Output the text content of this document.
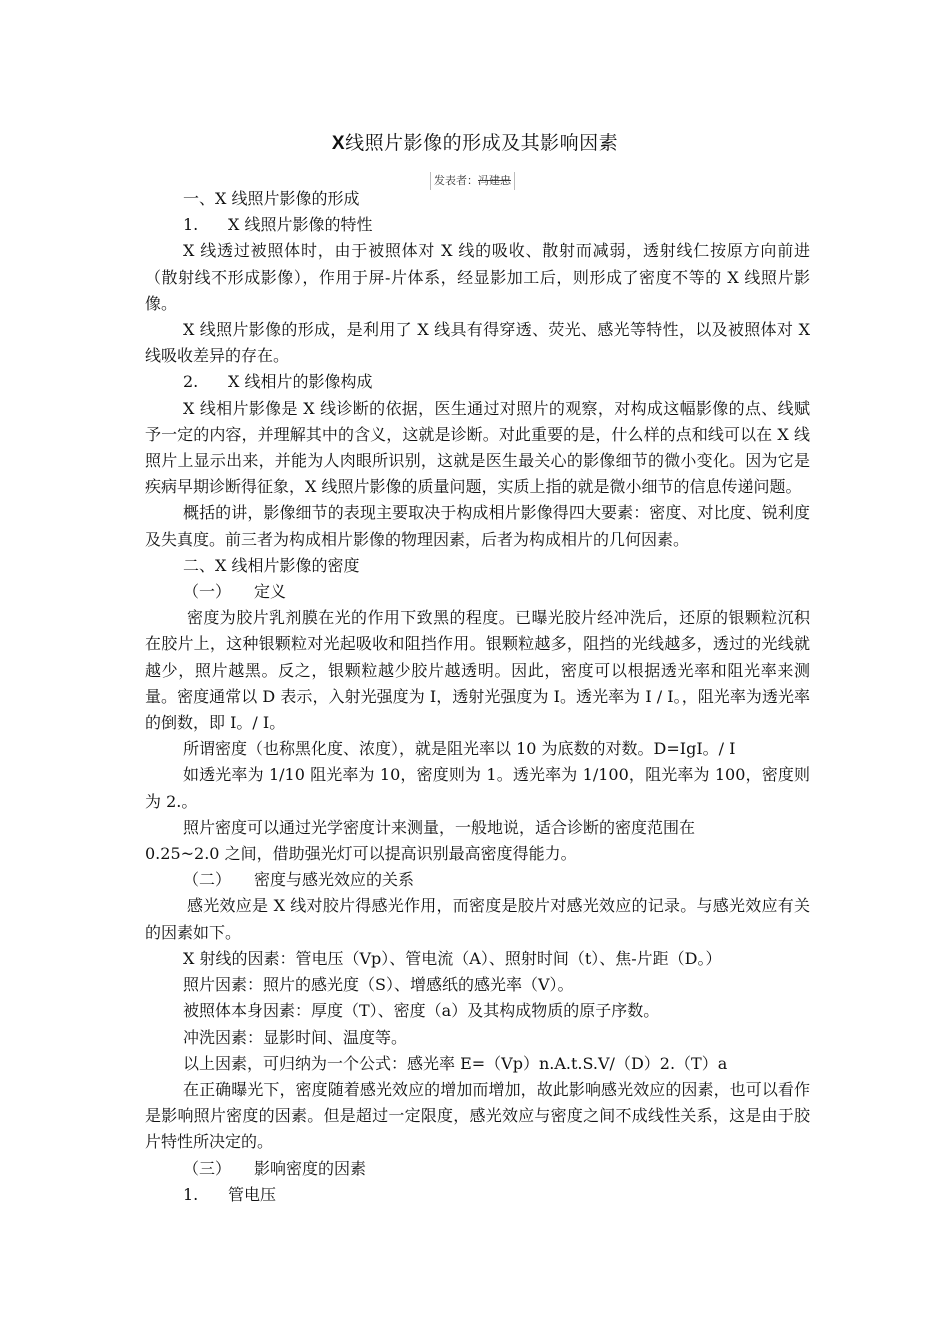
X线照片影像的形成及其影响因素
发表者：冯建忠

一、X 线照片影像的形成

1. X 线照片影像的特性

X 线透过被照体时，由于被照体对 X 线的吸收、散射而减弱，透射线仁按原方向前进（散射线不形成影像），作用于屏-片体系，经显影加工后，则形成了密度不等的 X 线照片影像。

X 线照片影像的形成，是利用了 X 线具有得穿透、荧光、感光等特性，以及被照体对 X 线吸收差异的存在。

2. X 线相片的影像构成

X 线相片影像是 X 线诊断的依据，医生通过对照片的观察，对构成这幅影像的点、线赋予一定的内容，并理解其中的含义，这就是诊断。对此重要的是，什么样的点和线可以在 X 线照片上显示出来，并能为人肉眼所识别，这就是医生最关心的影像细节的微小变化。因为它是疾病早期诊断得征象，X 线照片影像的质量问题，实质上指的就是微小细节的信息传递问题。

概括的讲，影像细节的表现主要取决于构成相片影像得四大要素：密度、对比度、锐利度及失真度。前三者为构成相片影像的物理因素，后者为构成相片的几何因素。

二、X 线相片影像的密度

（一） 定义

密度为胶片乳剂膜在光的作用下致黑的程度。已曝光胶片经冲洗后，还原的银颗粒沉积在胶片上，这种银颗粒对光起吸收和阻挡作用。银颗粒越多，阻挡的光线越多，透过的光线就越少，照片越黑。反之，银颗粒越少胶片越透明。因此，密度可以根据透光率和阻光率来测量。密度通常以 D 表示，入射光强度为 I，透射光强度为 I。透光率为 I / I。，阻光率为透光率的倒数，即 I。/ I。

所谓密度（也称黑化度、浓度），就是阻光率以 10 为底数的对数。D=IgI。/ I

如透光率为 1/10 阻光率为 10，密度则为 1。透光率为 1/100，阻光率为 100，密度则为 2.。

照片密度可以通过光学密度计来测量，一般地说，适合诊断的密度范围在

0.25~2.0 之间，借助强光灯可以提高识别最高密度得能力。

（二） 密度与感光效应的关系

感光效应是 X 线对胶片得感光作用，而密度是胶片对感光效应的记录。与感光效应有关的因素如下。

X 射线的因素：管电压（Vp）、管电流（A）、照射时间（t）、焦-片距（D。）

照片因素：照片的感光度（S）、增感纸的感光率（V）。

被照体本身因素：厚度（T）、密度（a）及其构成物质的原子序数。

冲洗因素：显影时间、温度等。

以上因素，可归纳为一个公式：感光率 E=（Vp）n.A.t.S.V/（D）2.（T）a

在正确曝光下，密度随着感光效应的增加而增加，故此影响感光效应的因素，也可以看作是影响照片密度的因素。但是超过一定限度，感光效应与密度之间不成线性关系，这是由于胶片特性所决定的。

（三） 影响密度的因素

1. 管电压
